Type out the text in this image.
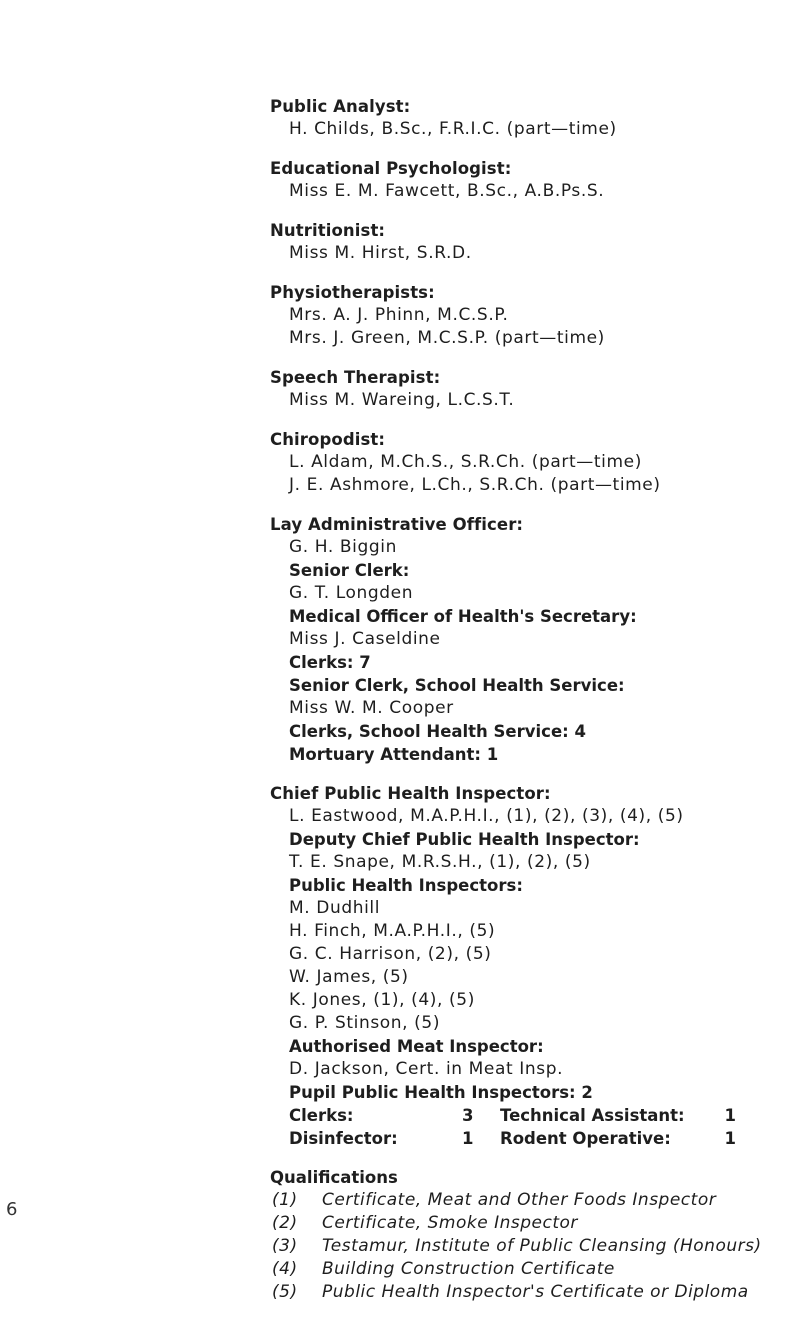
Public Analyst:
H. Childs, B.Sc., F.R.I.C. (part—time)
Educational Psychologist:
Miss E. M. Fawcett, B.Sc., A.B.Ps.S.
Nutritionist:
Miss M. Hirst, S.R.D.
Physiotherapists:
Mrs. A. J. Phinn, M.C.S.P.
Mrs. J. Green, M.C.S.P. (part—time)
Speech Therapist:
Miss M. Wareing, L.C.S.T.
Chiropodist:
L. Aldam, M.Ch.S., S.R.Ch. (part—time)
J. E. Ashmore, L.Ch., S.R.Ch. (part—time)
Lay Administrative Officer:
G. H. Biggin
Senior Clerk:
G. T. Longden
Medical Officer of Health's Secretary:
Miss J. Caseldine
Clerks: 7
Senior Clerk, School Health Service:
Miss W. M. Cooper
Clerks, School Health Service: 4
Mortuary Attendant: 1
Chief Public Health Inspector:
L. Eastwood, M.A.P.H.I., (1), (2), (3), (4), (5)
Deputy Chief Public Health Inspector:
T. E. Snape, M.R.S.H., (1), (2), (5)
Public Health Inspectors:
M. Dudhill
H. Finch, M.A.P.H.I., (5)
G. C. Harrison, (2), (5)
W. James, (5)
K. Jones, (1), (4), (5)
G. P. Stinson, (5)
Authorised Meat Inspector:
D. Jackson, Cert. in Meat Insp.
Pupil Public Health Inspectors: 2
Clerks:	3	Technical Assistant:	1
Disinfector:	1	Rodent Operative:	1
Qualifications
(1)	Certificate, Meat and Other Foods Inspector
(2)	Certificate, Smoke Inspector
(3)	Testamur, Institute of Public Cleansing (Honours)
(4)	Building Construction Certificate
(5)	Public Health Inspector's Certificate or Diploma
6
